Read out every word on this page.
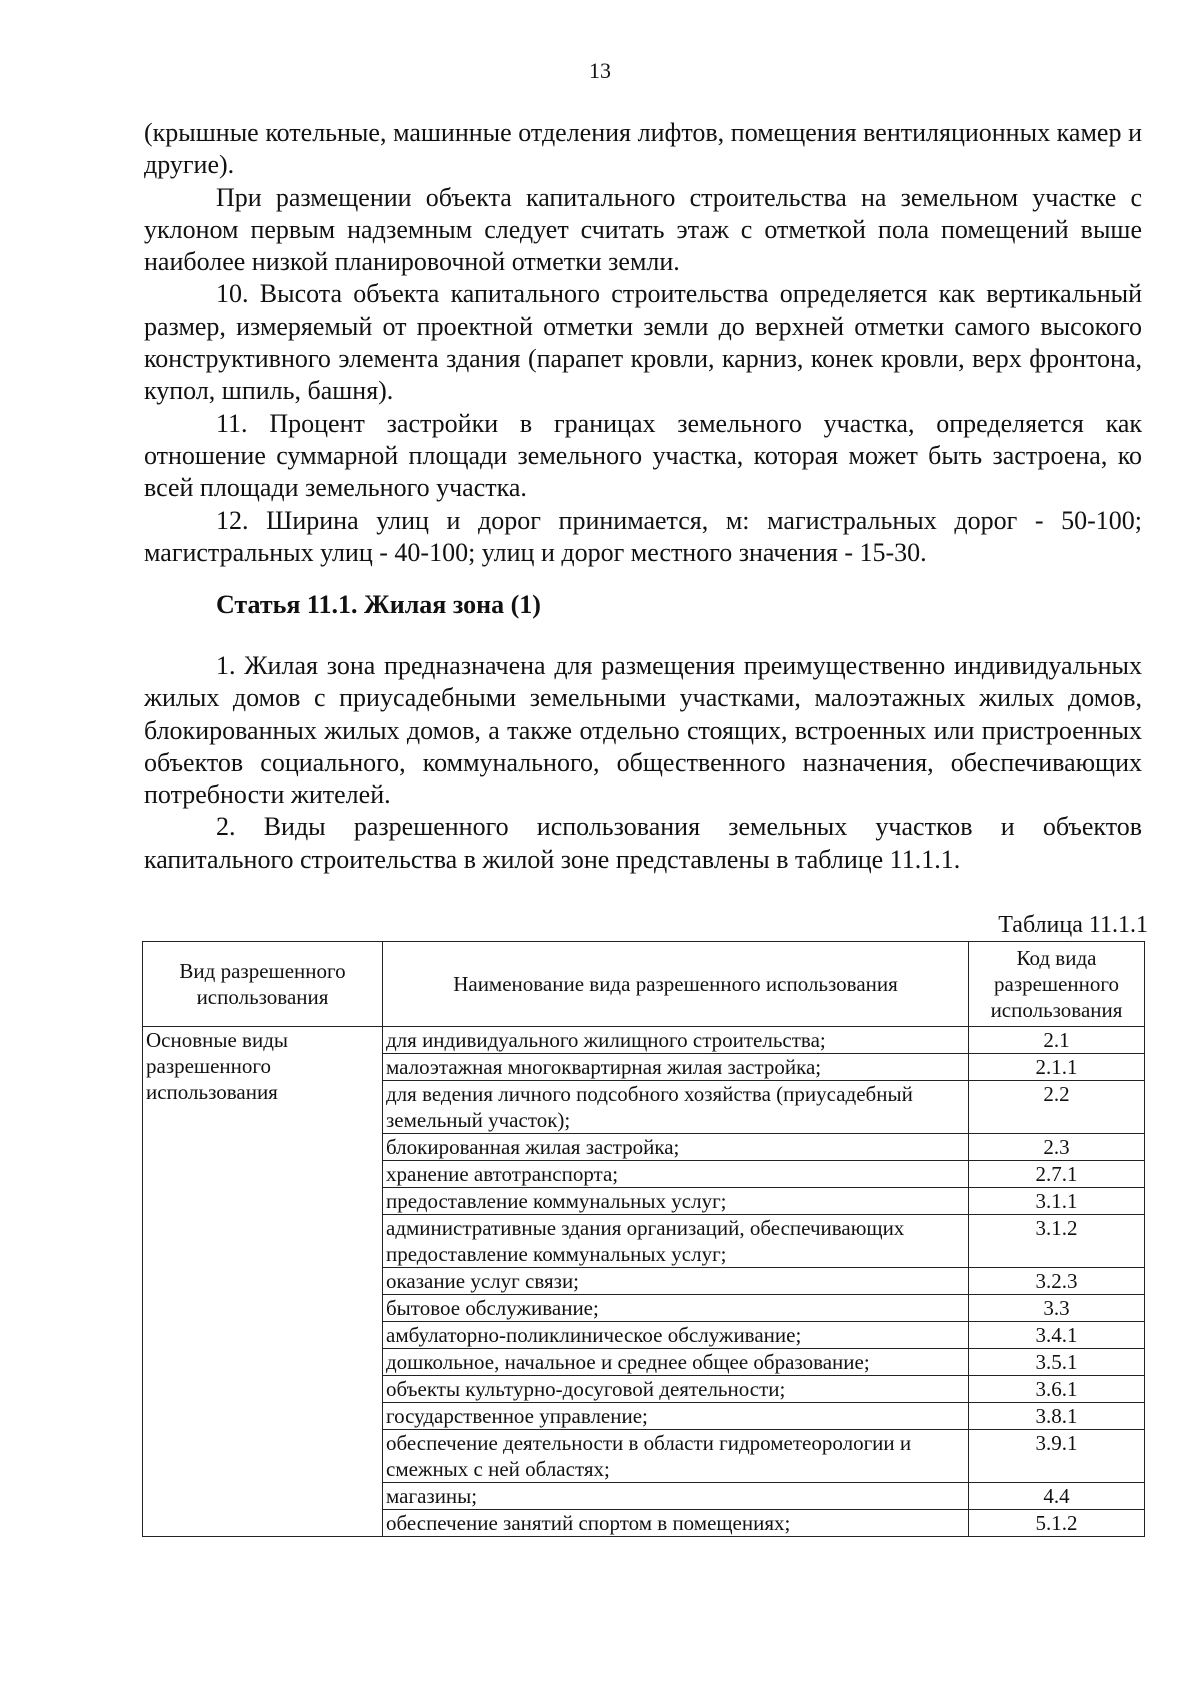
13

(крышные котельные, машинные отделения лифтов, помещения вентиляционных камер и другие).

При размещении объекта капитального строительства на земельном участке с уклоном первым надземным следует считать этаж с отметкой пола помещений выше наиболее низкой планировочной отметки земли.

10. Высота объекта капитального строительства определяется как вертикальный размер, измеряемый от проектной отметки земли до верхней отметки самого высокого конструктивного элемента здания (парапет кровли, карниз, конек кровли, верх фронтона, купол, шпиль, башня).

11. Процент застройки в границах земельного участка, определяется как отношение суммарной площади земельного участка, которая может быть застроена, ко всей площади земельного участка.

12. Ширина улиц и дорог принимается, м: магистральных дорог - 50-100; магистральных улиц - 40-100; улиц и дорог местного значения - 15-30.

Статья 11.1. Жилая зона (1)

1. Жилая зона предназначена для размещения преимущественно индивидуальных жилых домов с приусадебными земельными участками, малоэтажных жилых домов, блокированных жилых домов, а также отдельно стоящих, встроенных или пристроенных объектов социального, коммунального, общественного назначения, обеспечивающих потребности жителей.

2. Виды разрешенного использования земельных участков и объектов капитального строительства в жилой зоне представлены в таблице 11.1.1.

Таблица 11.1.1
Вид разрешенного использования	Наименование вида разрешенного использования	Код вида разрешенного использования
Основные виды разрешенного использования	для индивидуального жилищного строительства;	2.1
	малоэтажная многоквартирная жилая застройка;	2.1.1
	для ведения личного подсобного хозяйства (приусадебный земельный участок);	2.2
	блокированная жилая застройка;	2.3
	хранение автотранспорта;	2.7.1
	предоставление коммунальных услуг;	3.1.1
	административные здания организаций, обеспечивающих предоставление коммунальных услуг;	3.1.2
	оказание услуг связи;	3.2.3
	бытовое обслуживание;	3.3
	амбулаторно-поликлиническое обслуживание;	3.4.1
	дошкольное, начальное и среднее общее образование;	3.5.1
	объекты культурно-досуговой деятельности;	3.6.1
	государственное управление;	3.8.1
	обеспечение деятельности в области гидрометеорологии и смежных с ней областях;	3.9.1
	магазины;	4.4
	обеспечение занятий спортом в помещениях;	5.1.2
